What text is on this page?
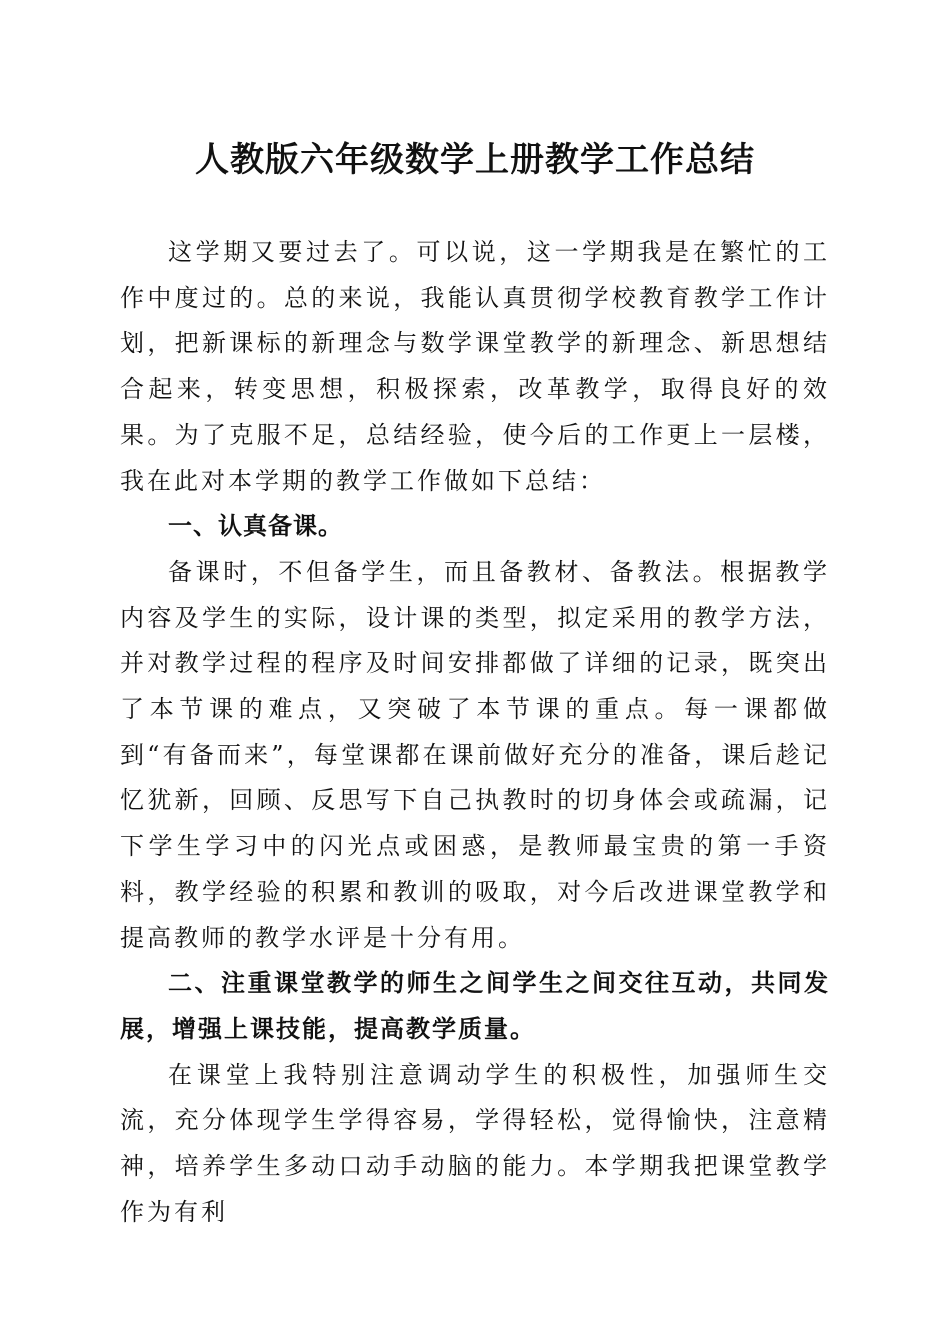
人教版六年级数学上册教学工作总结

这学期又要过去了。可以说，这一学期我是在繁忙的工作中度过的。总的来说，我能认真贯彻学校教育教学工作计划，把新课标的新理念与数学课堂教学的新理念、新思想结合起来，转变思想，积极探索，改革教学，取得良好的效果。为了克服不足，总结经验，使今后的工作更上一层楼，我在此对本学期的教学工作做如下总结：

一、认真备课。

备课时，不但备学生，而且备教材、备教法。根据教学内容及学生的实际，设计课的类型，拟定采用的教学方法，并对教学过程的程序及时间安排都做了详细的记录，既突出了本节课的难点，又突破了本节课的重点。每一课都做到“有备而来”，每堂课都在课前做好充分的准备，课后趁记忆犹新，回顾、反思写下自己执教时的切身体会或疏漏，记下学生学习中的闪光点或困惑，是教师最宝贵的第一手资料，教学经验的积累和教训的吸取，对今后改进课堂教学和提高教师的教学水评是十分有用。

二、注重课堂教学的师生之间学生之间交往互动，共同发展，增强上课技能，提高教学质量。

在课堂上我特别注意调动学生的积极性，加强师生交流，充分体现学生学得容易，学得轻松，觉得愉快，注意精神，培养学生多动口动手动脑的能力。本学期我把课堂教学作为有利
